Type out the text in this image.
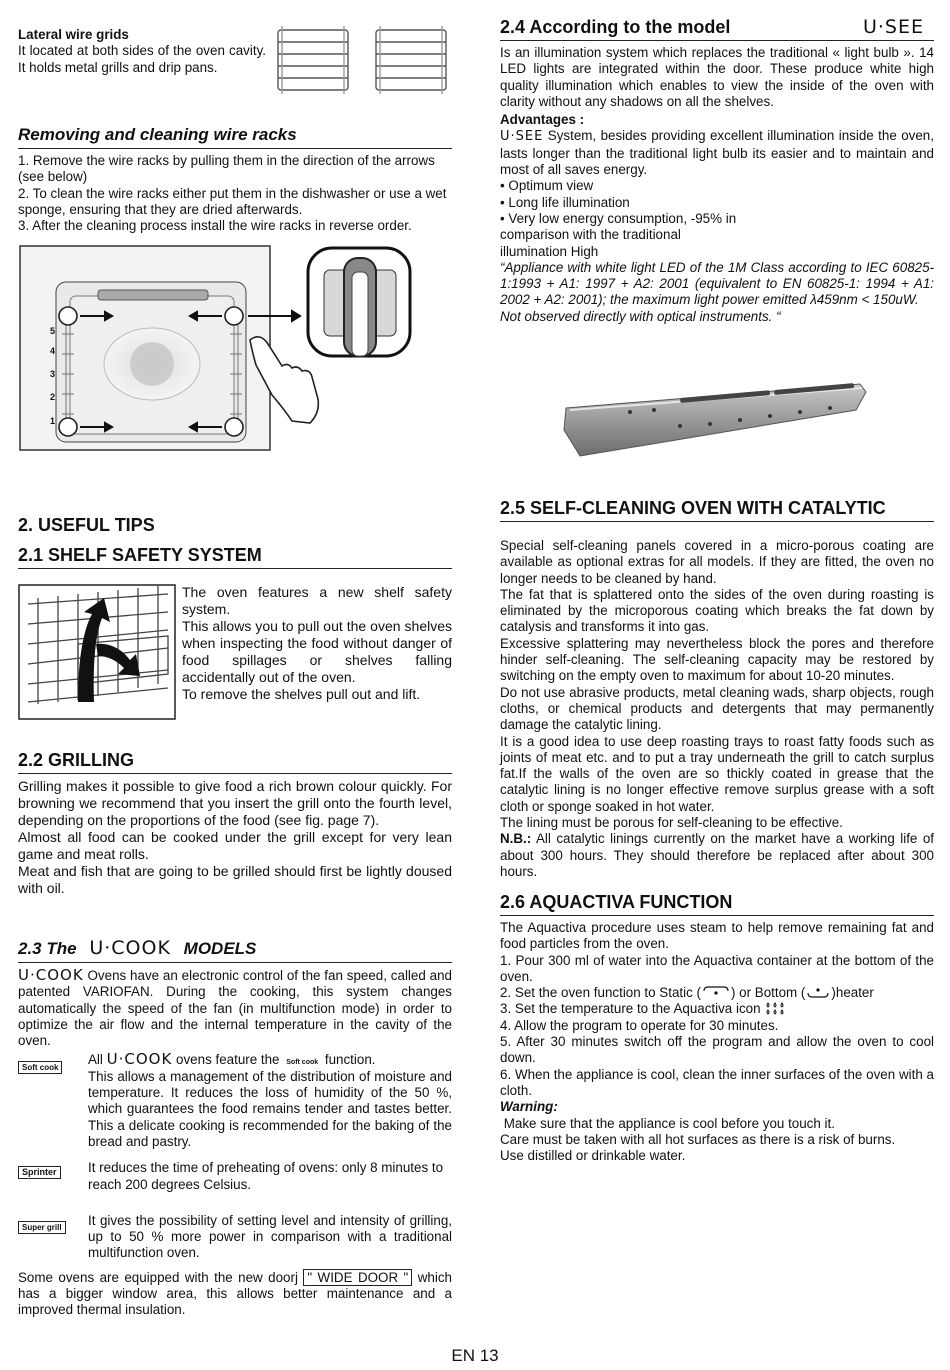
Lateral wire grids

It located at both sides of the oven cavity. It holds metal grills and drip pans.

Removing and cleaning wire racks

1. Remove the wire racks by pulling them in the direction of the arrows (see below)

2. To clean the wire racks either put them in the dishwasher or use a wet sponge, ensuring that they are dried afterwards.

3. After the cleaning process install the wire racks in reverse order.

5
4
3
2
1
2. USEFUL TIPS
2.1 SHELF SAFETY SYSTEM

The oven features a new shelf safety system.

This allows you to pull out the oven shelves when inspecting the food without danger of food spillages or shelves falling accidentally out of the oven.

To remove the shelves pull out and lift.

2.2 GRILLING

Grilling makes it possible to give food a rich brown colour quickly. For browning we recommend that you insert the grill onto the fourth level, depending on the proportions of the food (see fig. page 7).

Almost all food can be cooked under the grill except for very lean game and meat rolls.

Meat and fish that are going to be grilled should first be lightly doused with oil.

2.3 The U·COOK MODELS

U·COOK Ovens have an electronic control of the fan speed, called and patented VARIOFAN. During the cooking, this system changes automatically the speed of the fan (in multifunction mode) in order to optimize the air flow and the internal temperature in the cavity of the oven.

Soft cook

All U·COOK ovens feature the Soft cook function.

This allows a management of the distribution of moisture and temperature. It reduces the loss of humidity of the 50 %, which guarantees the food remains tender and tastes better. This a delicate cooking is recommended for the baking of the bread and pastry.

Sprinter It reduces the time of preheating of ovens: only 8 minutes to reach 200 degrees Celsius.

Super grill It gives the possibility of setting level and intensity of grilling, up to 50 % more power in comparison with a traditional multifunction oven.

Some ovens are equipped with the new doorj " WIDE DOOR " which has a bigger window area, this allows better maintenance and a improved thermal insulation.

2.4 According to the model	U·SEE

Is an illumination system which replaces the traditional « light bulb ». 14 LED lights are integrated within the door. These produce white high quality illumination which enables to view the inside of the oven with clarity without any shadows on all the shelves.

Advantages :

U·SEE System, besides providing excellent illumination inside the oven, lasts longer than the traditional light bulb its easier and to maintain and most of all saves energy.

• Optimum view

• Long life illumination

• Very low energy consumption, -95% in

comparison with the traditional

illumination High

“Appliance with white light LED of the 1M Class according to IEC 60825- 1:1993 + A1: 1997 + A2: 2001 (equivalent to EN 60825-1: 1994 + A1: 2002 + A2: 2001); the maximum light power emitted λ459nm < 150uW.

Not observed directly with optical instruments. “

2.5 SELF-CLEANING OVEN WITH CATALYTIC

Special self-cleaning panels covered in a micro-porous coating are available as optional extras for all models. If they are fitted, the oven no longer needs to be cleaned by hand.

The fat that is splattered onto the sides of the oven during roasting is eliminated by the microporous coating which breaks the fat down by catalysis and transforms it into gas.

Excessive splattering may nevertheless block the pores and therefore hinder self-cleaning. The self-cleaning capacity may be restored by switching on the empty oven to maximum for about 10-20 minutes.

Do not use abrasive products, metal cleaning wads, sharp objects, rough cloths, or chemical products and detergents that may permanently damage the catalytic lining.

It is a good idea to use deep roasting trays to roast fatty foods such as joints of meat etc. and to put a tray underneath the grill to catch surplus fat.If the walls of the oven are so thickly coated in grease that the catalytic lining is no longer effective remove surplus grease with a soft cloth or sponge soaked in hot water.

The lining must be porous for self-cleaning to be effective.

N.B.: All catalytic linings currently on the market have a working life of about 300 hours. They should therefore be replaced after about 300 hours.

2.6 AQUACTIVA FUNCTION

The Aquactiva procedure uses steam to help remove remaining fat and food particles from the oven.

1. Pour 300 ml of water into the Aquactiva container at the bottom of the oven.

2. Set the oven function to Static ( ) or Bottom ( )heater

3. Set the temperature to the Aquactiva icon

4. Allow the program to operate for 30 minutes.

5. After 30 minutes switch off the program and allow the oven to cool down.

6. When the appliance is cool, clean the inner surfaces of the oven with a cloth.

Warning:

Make sure that the appliance is cool before you touch it.

Care must be taken with all hot surfaces as there is a risk of burns.

Use distilled or drinkable water.

EN 13
